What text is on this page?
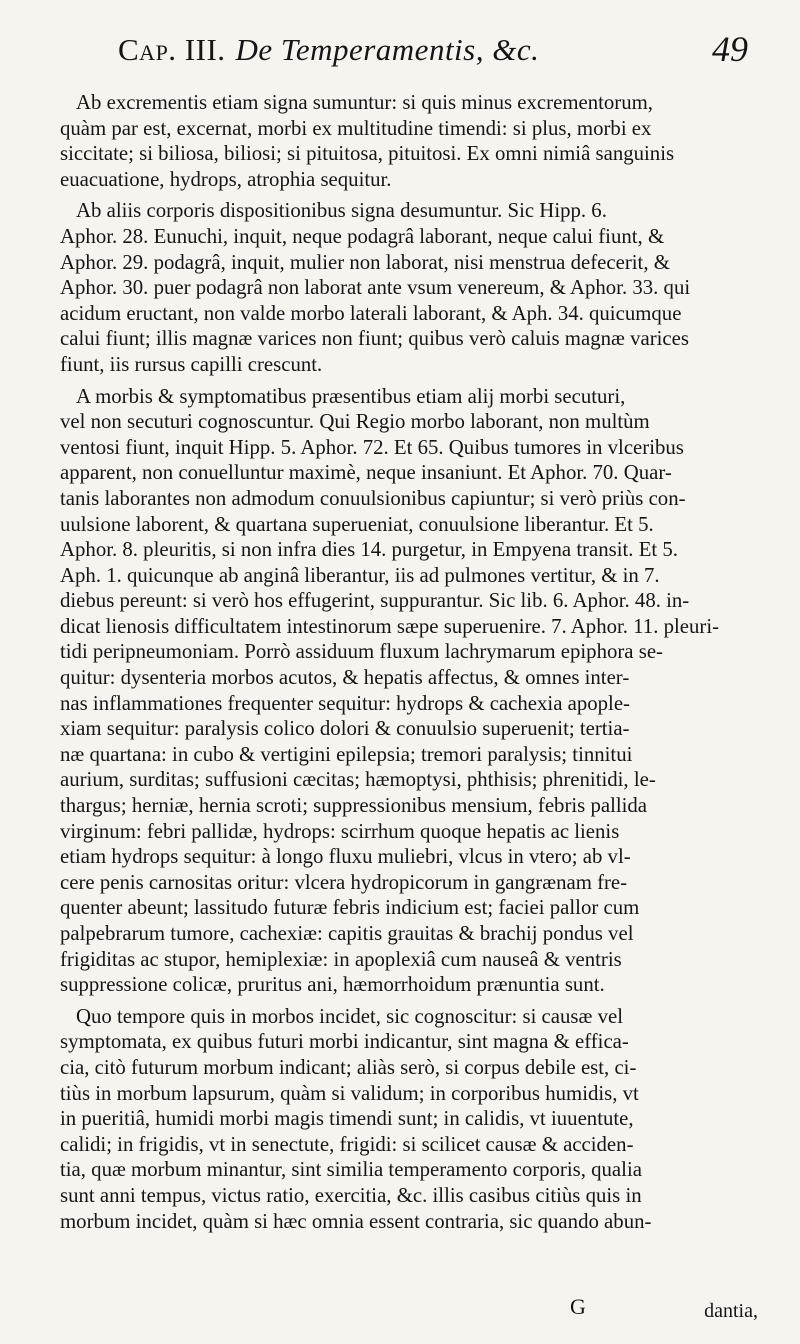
Cap. III. De Temperamentis, &c.	49

Ab excrementis etiam signa sumuntur: si quis minus excrementorum,
quàm par est, excernat, morbi ex multitudine timendi: si plus, morbi ex
siccitate; si biliosa, biliosi; si pituitosa, pituitosi. Ex omni nimiâ sanguinis
euacuatione, hydrops, atrophia sequitur.

Ab aliis corporis dispositionibus signa desumuntur. Sic Hipp. 6.
Aphor. 28. Eunuchi, inquit, neque podagrâ laborant, neque calui fiunt, &
Aphor. 29. podagrâ, inquit, mulier non laborat, nisi menstrua defecerit, &
Aphor. 30. puer podagrâ non laborat ante vsum venereum, & Aphor. 33. qui
acidum eructant, non valde morbo laterali laborant, & Aph. 34. quicumque
calui fiunt; illis magnæ varices non fiunt; quibus verò caluis magnæ varices
fiunt, iis rursus capilli crescunt.

A morbis & symptomatibus præsentibus etiam alij morbi secuturi,
vel non secuturi cognoscuntur. Qui Regio morbo laborant, non multùm
ventosi fiunt, inquit Hipp. 5. Aphor. 72. Et 65. Quibus tumores in vlceribus
apparent, non conuelluntur maximè, neque insaniunt. Et Aphor. 70. Quar-
tanis laborantes non admodum conuulsionibus capiuntur; si verò priùs con-
uulsione laborent, & quartana superueniat, conuulsione liberantur. Et 5.
Aphor. 8. pleuritis, si non infra dies 14. purgetur, in Empyena transit. Et 5.
Aph. 1. quicunque ab anginâ liberantur, iis ad pulmones vertitur, & in 7.
diebus pereunt: si verò hos effugerint, suppurantur. Sic lib. 6. Aphor. 48. in-
dicat lienosis difficultatem intestinorum sæpe superuenire. 7. Aphor. 11. pleuri-
tidi peripneumoniam. Porrò assiduum fluxum lachrymarum epiphora se-
quitur: dysenteria morbos acutos, & hepatis affectus, & omnes inter-
nas inflammationes frequenter sequitur: hydrops & cachexia apople-
xiam sequitur: paralysis colico dolori & conuulsio superuenit; tertia-
næ quartana: in cubo & vertigini epilepsia; tremori paralysis; tinnitui
aurium, surditas; suffusioni cæcitas; hæmoptysi, phthisis; phrenitidi, le-
thargus; herniæ, hernia scroti; suppressionibus mensium, febris pallida
virginum: febri pallidæ, hydrops: scirrhum quoque hepatis ac lienis
etiam hydrops sequitur: à longo fluxu muliebri, vlcus in vtero; ab vl-
cere penis carnositas oritur: vlcera hydropicorum in gangrænam fre-
quenter abeunt; lassitudo futuræ febris indicium est; faciei pallor cum
palpebrarum tumore, cachexiæ: capitis grauitas & brachij pondus vel
frigiditas ac stupor, hemiplexiæ: in apoplexiâ cum nauseâ & ventris
suppressione colicæ, pruritus ani, hæmorrhoidum prænuntia sunt.

Quo tempore quis in morbos incidet, sic cognoscitur: si causæ vel
symptomata, ex quibus futuri morbi indicantur, sint magna & effica-
cia, citò futurum morbum indicant; aliàs serò, si corpus debile est, ci-
tiùs in morbum lapsurum, quàm si validum; in corporibus humidis, vt
in pueritiâ, humidi morbi magis timendi sunt; in calidis, vt iuuentute,
calidi; in frigidis, vt in senectute, frigidi: si scilicet causæ & acciden-
tia, quæ morbum minantur, sint similia temperamento corporis, qualia
sunt anni tempus, victus ratio, exercitia, &c. illis casibus citiùs quis in
morbum incidet, quàm si hæc omnia essent contraria, sic quando abun-

G	dantia,
